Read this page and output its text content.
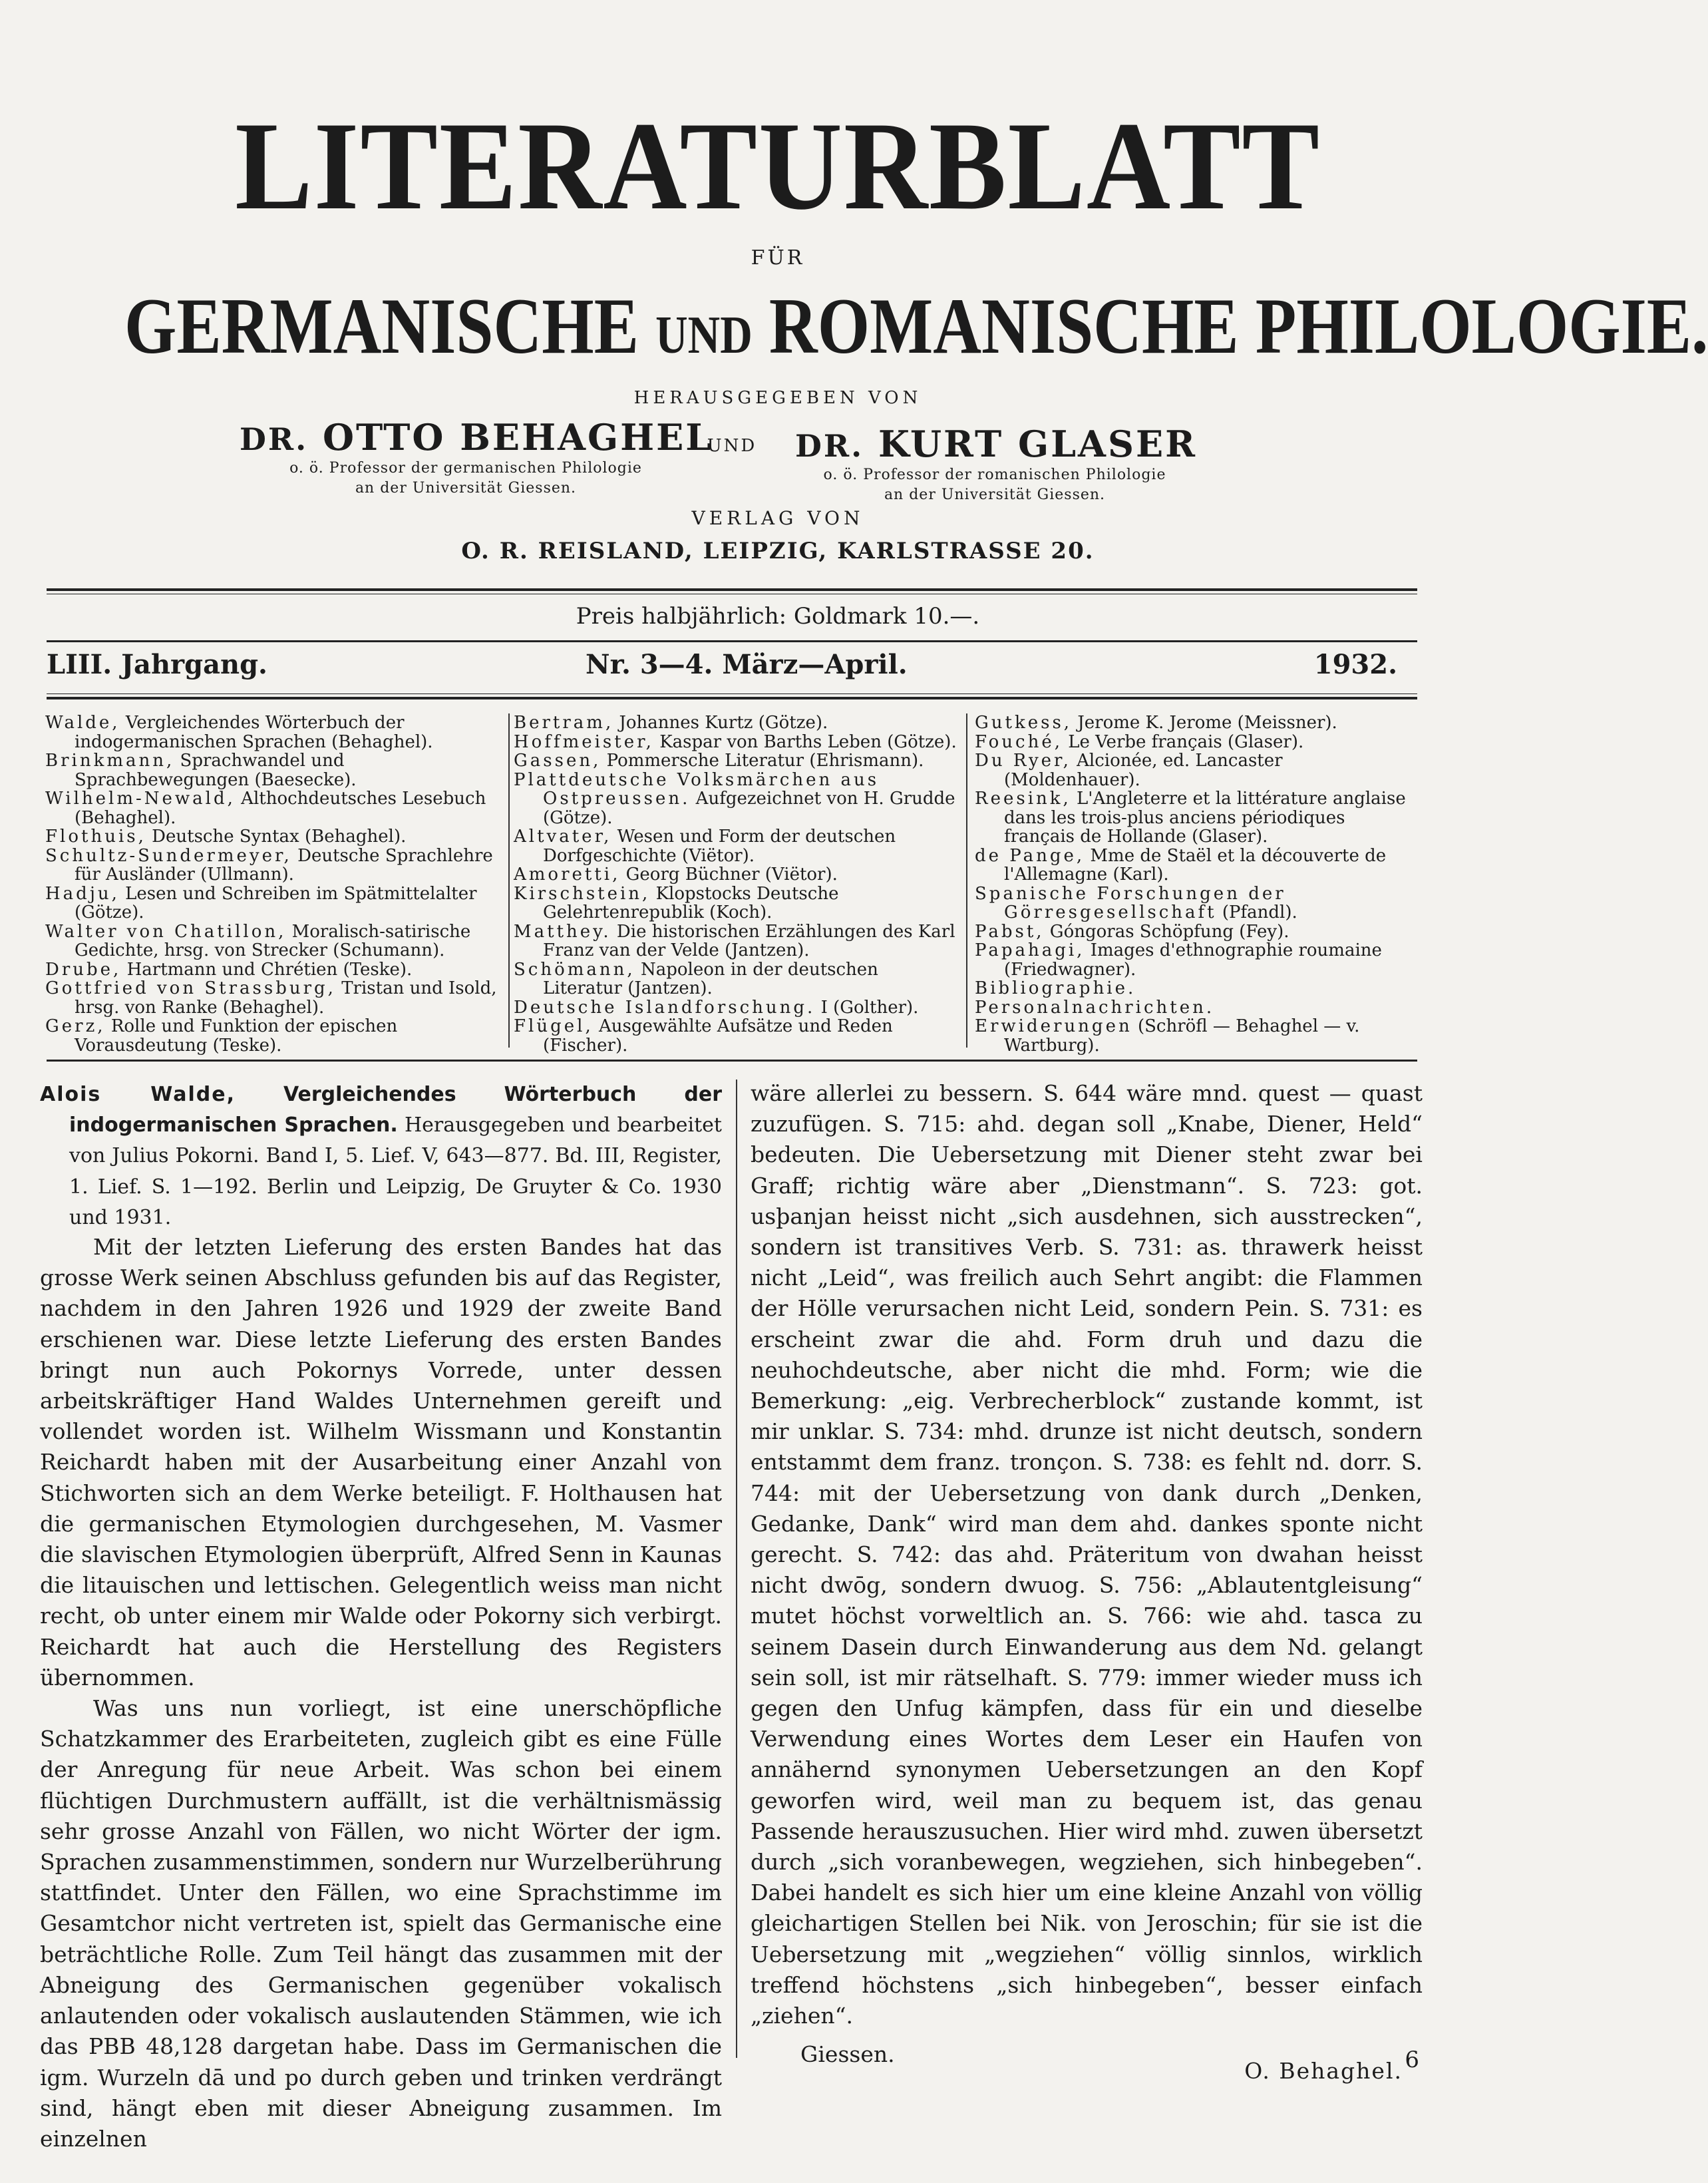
LITERATURBLATT
FÜR
GERMANISCHE UND ROMANISCHE PHILOLOGIE.
HERAUSGEGEBEN VON
DR. OTTO BEHAGHEL
o. ö. Professor der germanischen Philologie
an der Universität Giessen.
UND	DR. KURT GLASER
o. ö. Professor der romanischen Philologie
an der Universität Giessen.
VERLAG VON
O. R. REISLAND, LEIPZIG, KARLSTRASSE 20.
Preis halbjährlich: Goldmark 10.—.
LIII. Jahrgang.	Nr. 3—4. März—April.	1932.
Walde, Vergleichendes Wörterbuch der indogermanischen Sprachen (Behaghel).
Brinkmann, Sprachwandel und Sprachbewegungen (Baesecke).
Wilhelm-Newald, Althochdeutsches Lesebuch (Behaghel).
Flothuis, Deutsche Syntax (Behaghel).
Schultz-Sundermeyer, Deutsche Sprachlehre für Ausländer (Ullmann).
Hadju, Lesen und Schreiben im Spätmittelalter (Götze).
Walter von Chatillon, Moralisch-satirische Gedichte, hrsg. von Strecker (Schumann).
Drube, Hartmann und Chrétien (Teske).
Gottfried von Strassburg, Tristan und Isold, hrsg. von Ranke (Behaghel).
Gerz, Rolle und Funktion der epischen Vorausdeutung (Teske).
Bertram, Johannes Kurtz (Götze).
Hoffmeister, Kaspar von Barths Leben (Götze).
Gassen, Pommersche Literatur (Ehrismann).
Plattdeutsche Volksmärchen aus Ostpreussen. Aufgezeichnet von H. Grudde (Götze).
Altvater, Wesen und Form der deutschen Dorfgeschichte (Viëtor).
Amoretti, Georg Büchner (Viëtor).
Kirschstein, Klopstocks Deutsche Gelehrtenrepublik (Koch).
Matthey. Die historischen Erzählungen des Karl Franz van der Velde (Jantzen).
Schömann, Napoleon in der deutschen Literatur (Jantzen).
Deutsche Islandforschung. I (Golther).
Flügel, Ausgewählte Aufsätze und Reden (Fischer).
Gutkess, Jerome K. Jerome (Meissner).
Fouché, Le Verbe français (Glaser).
Du Ryer, Alcionée, ed. Lancaster (Moldenhauer).
Reesink, L'Angleterre et la littérature anglaise dans les trois-plus anciens périodiques français de Hollande (Glaser).
de Pange, Mme de Staël et la découverte de l'Allemagne (Karl).
Spanische Forschungen der Görresgesellschaft (Pfandl).
Pabst, Góngoras Schöpfung (Fey).
Papahagi, Images d'ethnographie roumaine (Friedwagner).
Bibliographie.
Personalnachrichten.
Erwiderungen (Schröfl — Behaghel — v. Wartburg).
Alois Walde, Vergleichendes Wörterbuch der indogermanischen Sprachen. Herausgegeben und bearbeitet von Julius Pokorni. Band I, 5. Lief. V, 643—877. Bd. III, Register, 1. Lief. S. 1—192. Berlin und Leipzig, De Gruyter & Co. 1930 und 1931.

Mit der letzten Lieferung des ersten Bandes hat das grosse Werk seinen Abschluss gefunden bis auf das Register, nachdem in den Jahren 1926 und 1929 der zweite Band erschienen war. Diese letzte Lieferung des ersten Bandes bringt nun auch Pokornys Vorrede, unter dessen arbeitskräftiger Hand Waldes Unternehmen gereift und vollendet worden ist. Wilhelm Wissmann und Konstantin Reichardt haben mit der Ausarbeitung einer Anzahl von Stichworten sich an dem Werke beteiligt. F. Holthausen hat die germanischen Etymologien durchgesehen, M. Vasmer die slavischen Etymologien überprüft, Alfred Senn in Kaunas die litauischen und lettischen. Gelegentlich weiss man nicht recht, ob unter einem mir Walde oder Pokorny sich verbirgt. Reichardt hat auch die Herstellung des Registers übernommen.

Was uns nun vorliegt, ist eine unerschöpfliche Schatzkammer des Erarbeiteten, zugleich gibt es eine Fülle der Anregung für neue Arbeit. Was schon bei einem flüchtigen Durchmustern auffällt, ist die verhältnismässig sehr grosse Anzahl von Fällen, wo nicht Wörter der igm. Sprachen zusammenstimmen, sondern nur Wurzelberührung stattfindet. Unter den Fällen, wo eine Sprachstimme im Gesamtchor nicht vertreten ist, spielt das Germanische eine beträchtliche Rolle. Zum Teil hängt das zusammen mit der Abneigung des Germanischen gegenüber vokalisch anlautenden oder vokalisch auslautenden Stämmen, wie ich das PBB 48,128 dargetan habe. Dass im Germanischen die igm. Wurzeln dā und po durch geben und trinken verdrängt sind, hängt eben mit dieser Abneigung zusammen. Im einzelnen

wäre allerlei zu bessern. S. 644 wäre mnd. quest — quast zuzufügen. S. 715: ahd. degan soll „Knabe, Diener, Held“ bedeuten. Die Uebersetzung mit Diener steht zwar bei Graff; richtig wäre aber „Dienstmann“. S. 723: got. usþanjan heisst nicht „sich ausdehnen, sich ausstrecken“, sondern ist transitives Verb. S. 731: as. thrawerk heisst nicht „Leid“, was freilich auch Sehrt angibt: die Flammen der Hölle verursachen nicht Leid, sondern Pein. S. 731: es erscheint zwar die ahd. Form druh und dazu die neuhochdeutsche, aber nicht die mhd. Form; wie die Bemerkung: „eig. Verbrecherblock“ zustande kommt, ist mir unklar. S. 734: mhd. drunze ist nicht deutsch, sondern entstammt dem franz. tronçon. S. 738: es fehlt nd. dorr. S. 744: mit der Uebersetzung von dank durch „Denken, Gedanke, Dank“ wird man dem ahd. dankes sponte nicht gerecht. S. 742: das ahd. Präteritum von dwahan heisst nicht dwōg, sondern dwuog. S. 756: „Ablautentgleisung“ mutet höchst vorweltlich an. S. 766: wie ahd. tasca zu seinem Dasein durch Einwanderung aus dem Nd. gelangt sein soll, ist mir rätselhaft. S. 779: immer wieder muss ich gegen den Unfug kämpfen, dass für ein und dieselbe Verwendung eines Wortes dem Leser ein Haufen von annähernd synonymen Uebersetzungen an den Kopf geworfen wird, weil man zu bequem ist, das genau Passende herauszusuchen. Hier wird mhd. zuwen übersetzt durch „sich voranbewegen, wegziehen, sich hinbegeben“. Dabei handelt es sich hier um eine kleine Anzahl von völlig gleichartigen Stellen bei Nik. von Jeroschin; für sie ist die Uebersetzung mit „wegziehen“ völlig sinnlos, wirklich treffend höchstens „sich hinbegeben“, besser einfach „ziehen“.

Giessen.
O. Behaghel. 6
